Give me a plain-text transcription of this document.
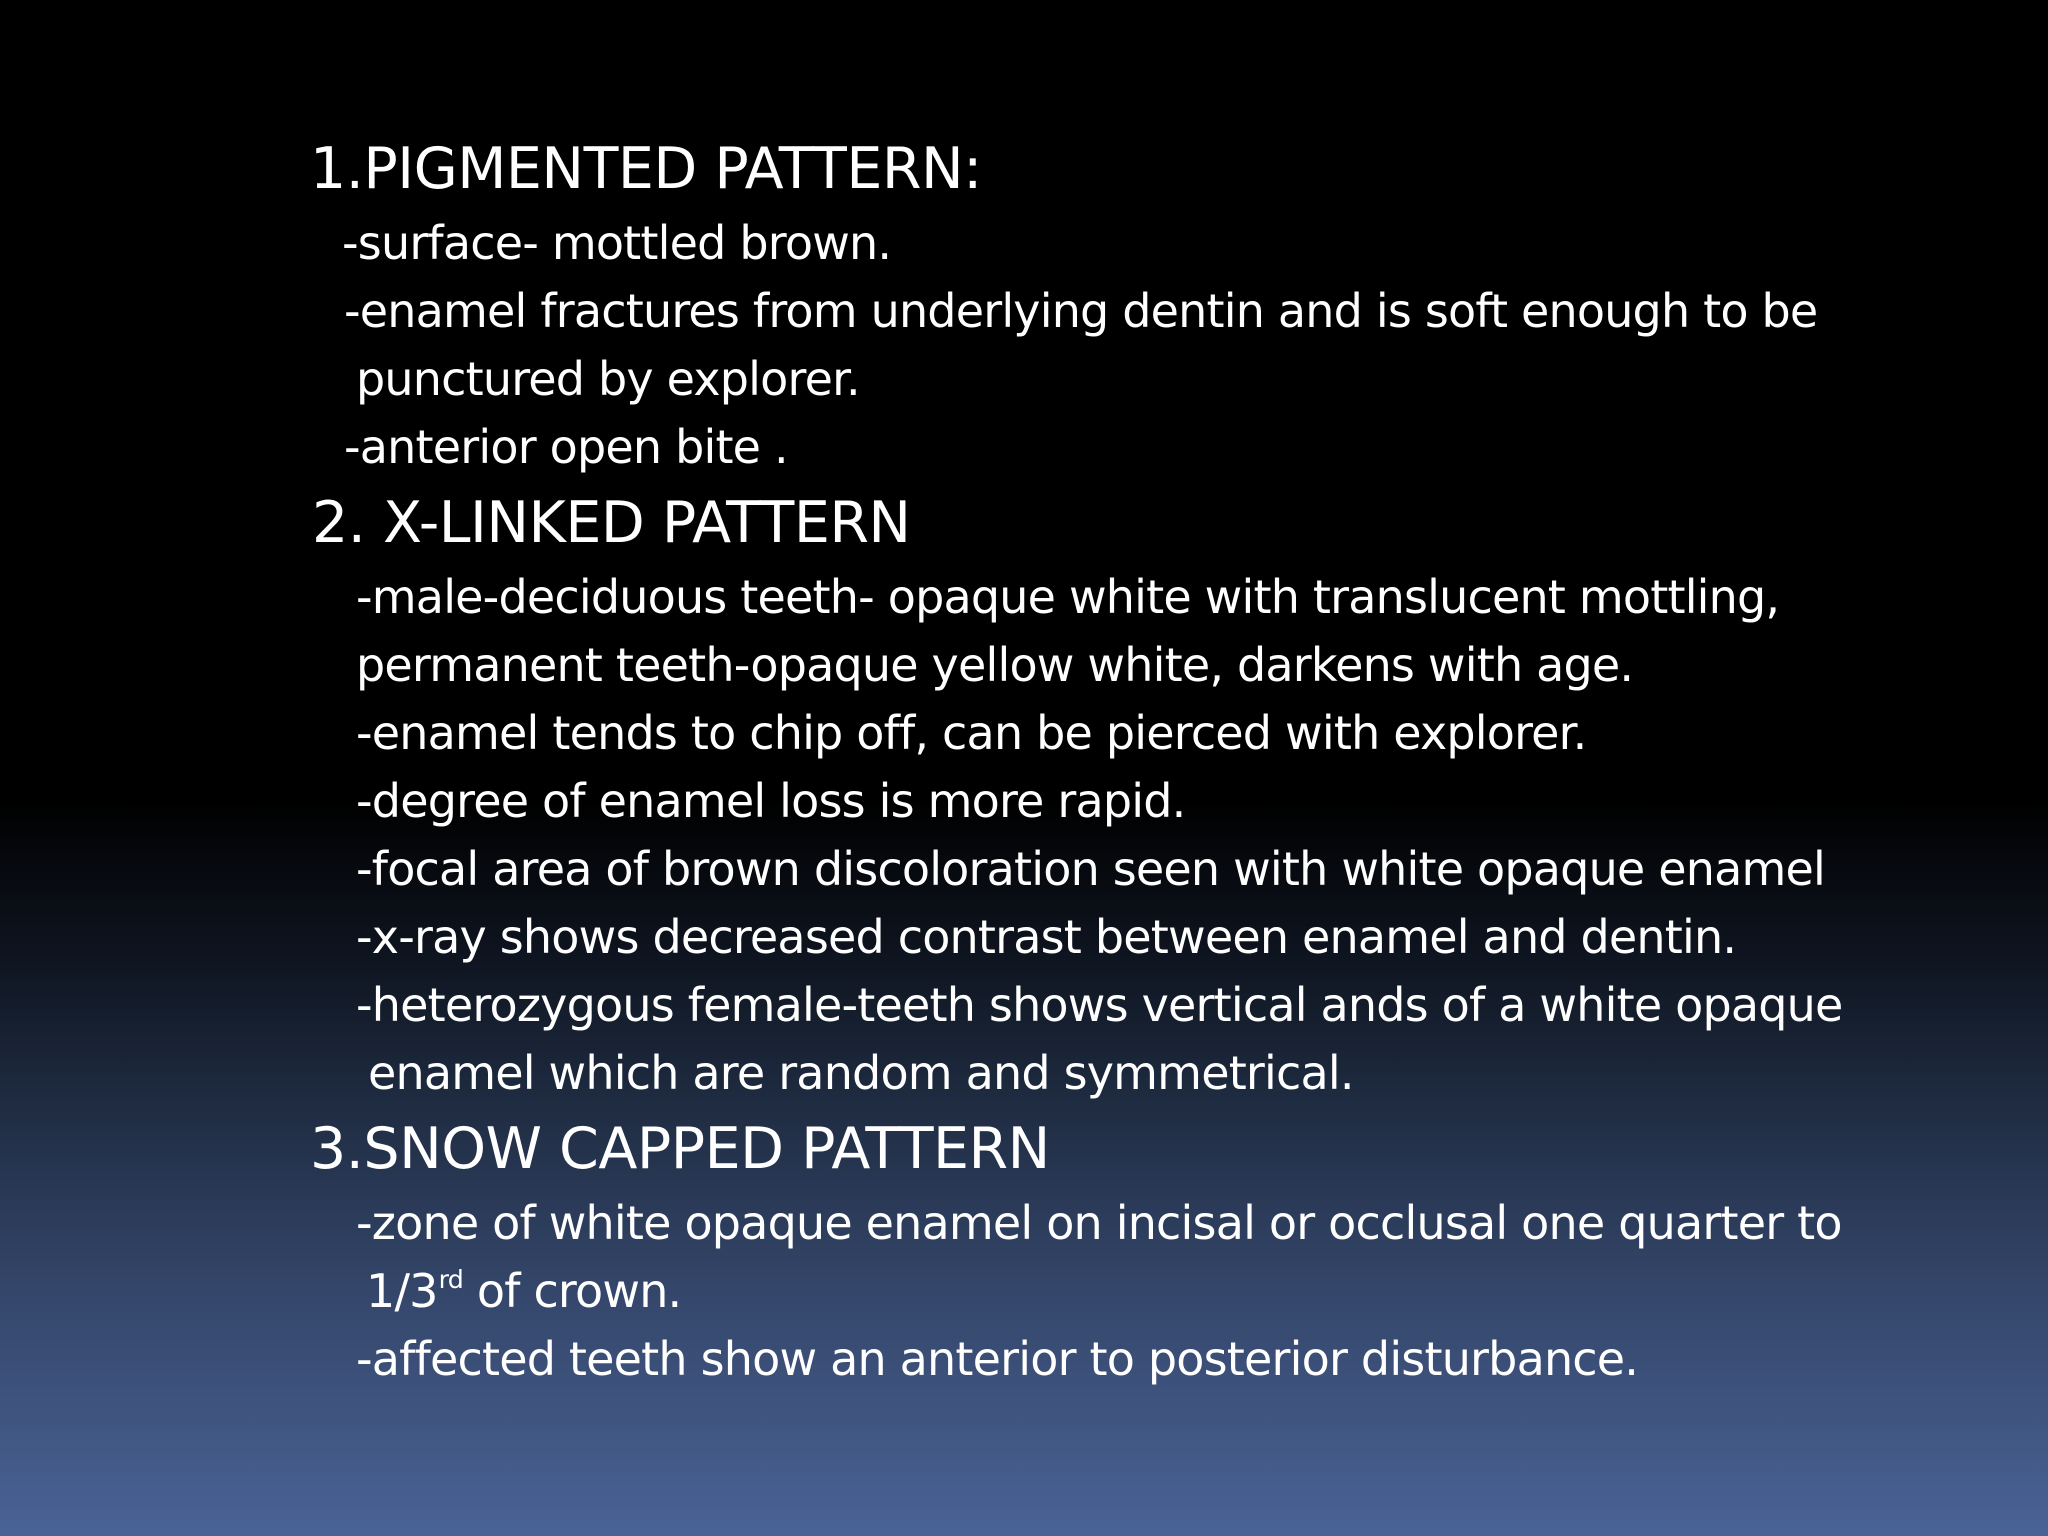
1.PIGMENTED PATTERN:
-surface- mottled brown.
-enamel fractures from underlying dentin and is soft enough to be
punctured by explorer.
-anterior open bite .
2. X-LINKED PATTERN
-male-deciduous teeth- opaque white with translucent mottling,
permanent teeth-opaque yellow white, darkens with age.
-enamel tends to chip off, can be pierced with explorer.
-degree of enamel loss is more rapid.
-focal area of brown discoloration seen with white opaque enamel
-x-ray shows decreased contrast between enamel and dentin.
-heterozygous female-teeth shows vertical ands of a white opaque
enamel which are random and symmetrical.
3.SNOW CAPPED PATTERN
-zone of white opaque enamel on incisal or occlusal one quarter to
1/3rd of crown.
-affected teeth show an anterior to posterior disturbance.
